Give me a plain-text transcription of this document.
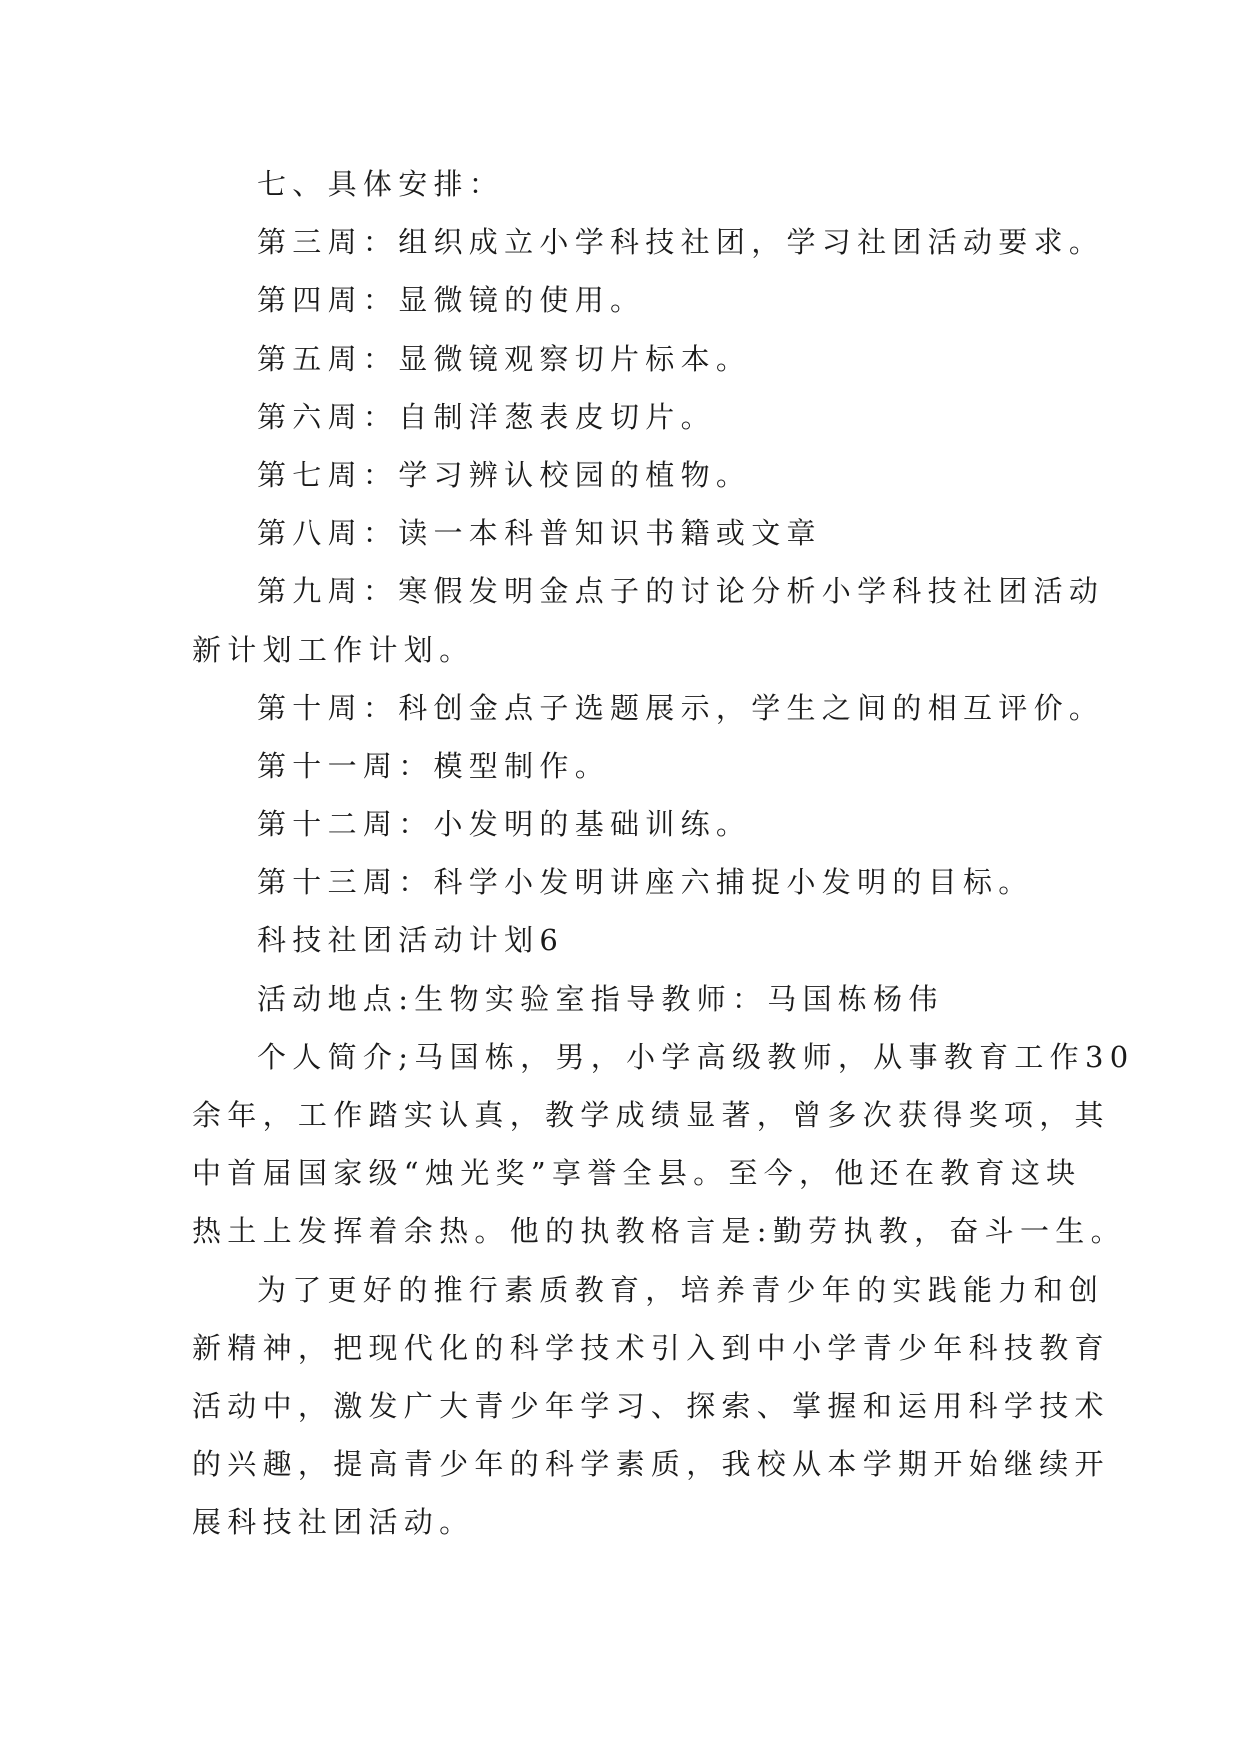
七、具体安排：
第三周：组织成立小学科技社团，学习社团活动要求。
第四周：显微镜的使用。
第五周：显微镜观察切片标本。
第六周：自制洋葱表皮切片。
第七周：学习辨认校园的植物。
第八周：读一本科普知识书籍或文章
第九周：寒假发明金点子的讨论分析小学科技社团活动
新计划工作计划。
第十周：科创金点子选题展示，学生之间的相互评价。
第十一周：模型制作。
第十二周：小发明的基础训练。
第十三周：科学小发明讲座六捕捉小发明的目标。
科技社团活动计划6
活动地点:生物实验室指导教师：马国栋杨伟
个人简介;马国栋，男，小学高级教师，从事教育工作30
余年，工作踏实认真，教学成绩显著，曾多次获得奖项，其
中首届国家级“烛光奖”享誉全县。至今，他还在教育这块
热土上发挥着余热。他的执教格言是:勤劳执教，奋斗一生。
为了更好的推行素质教育，培养青少年的实践能力和创
新精神，把现代化的科学技术引入到中小学青少年科技教育
活动中，激发广大青少年学习、探索、掌握和运用科学技术
的兴趣，提高青少年的科学素质，我校从本学期开始继续开
展科技社团活动。
